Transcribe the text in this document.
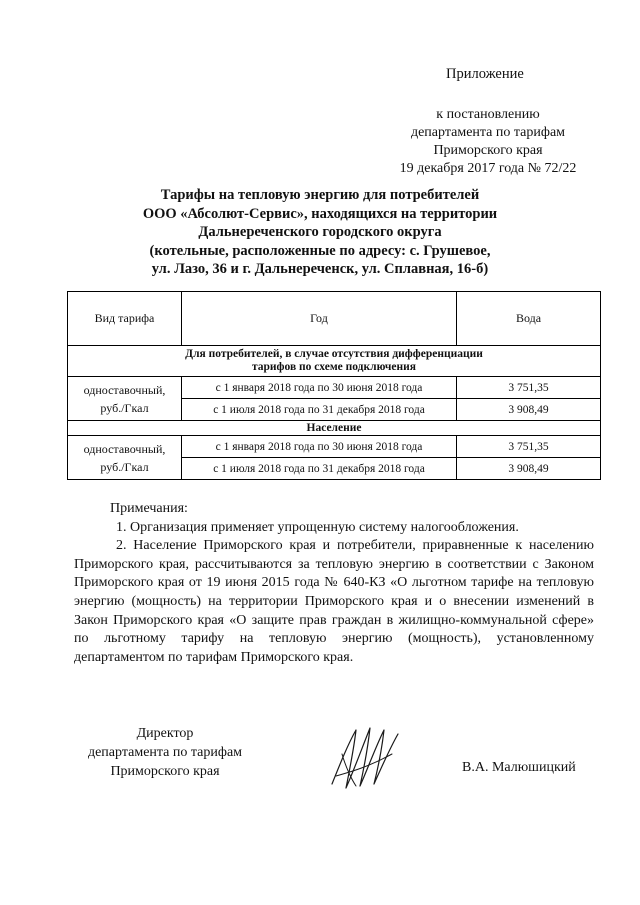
Приложение
к постановлению
департамента по тарифам
Приморского края
19 декабря 2017 года № 72/22
Тарифы на тепловую энергию для потребителей
ООО «Абсолют-Сервис», находящихся на территории
Дальнереченского городского округа
(котельные, расположенные по адресу: с. Грушевое,
ул. Лазо, 36 и г. Дальнереченск, ул. Сплавная, 16-б)
Вид тарифа	Год	Вода

Для потребителей, в случае отсутствия дифференциации
тарифов по схеме подключения		

одноставочный,
руб./Гкал	с 1 января 2018 года по 30 июня 2018 года	3 751,35
	с 1 июля 2018 года по 31 декабря 2018 года	3 908,49
Население		

одноставочный,
руб./Гкал	с 1 января 2018 года по 30 июня 2018 года	3 751,35
	с 1 июля 2018 года по 31 декабря 2018 года	3 908,49
Примечания:
1. Организация применяет упрощенную систему налогообложения.
2. Население Приморского края и потребители, приравненные к населению Приморского края, рассчитываются за тепловую энергию в соответствии с Законом Приморского края от 19 июня 2015 года № 640-КЗ «О льготном тарифе на тепловую энергию (мощность) на территории Приморского края и о внесении изменений в Закон Приморского края «О защите прав граждан в жилищно-коммунальной сфере» по льготному тарифу на тепловую энергию (мощность), установленному департаментом по тарифам Приморского края.
Директор
департамента по тарифам
Приморского края	В.А. Малюшицкий
